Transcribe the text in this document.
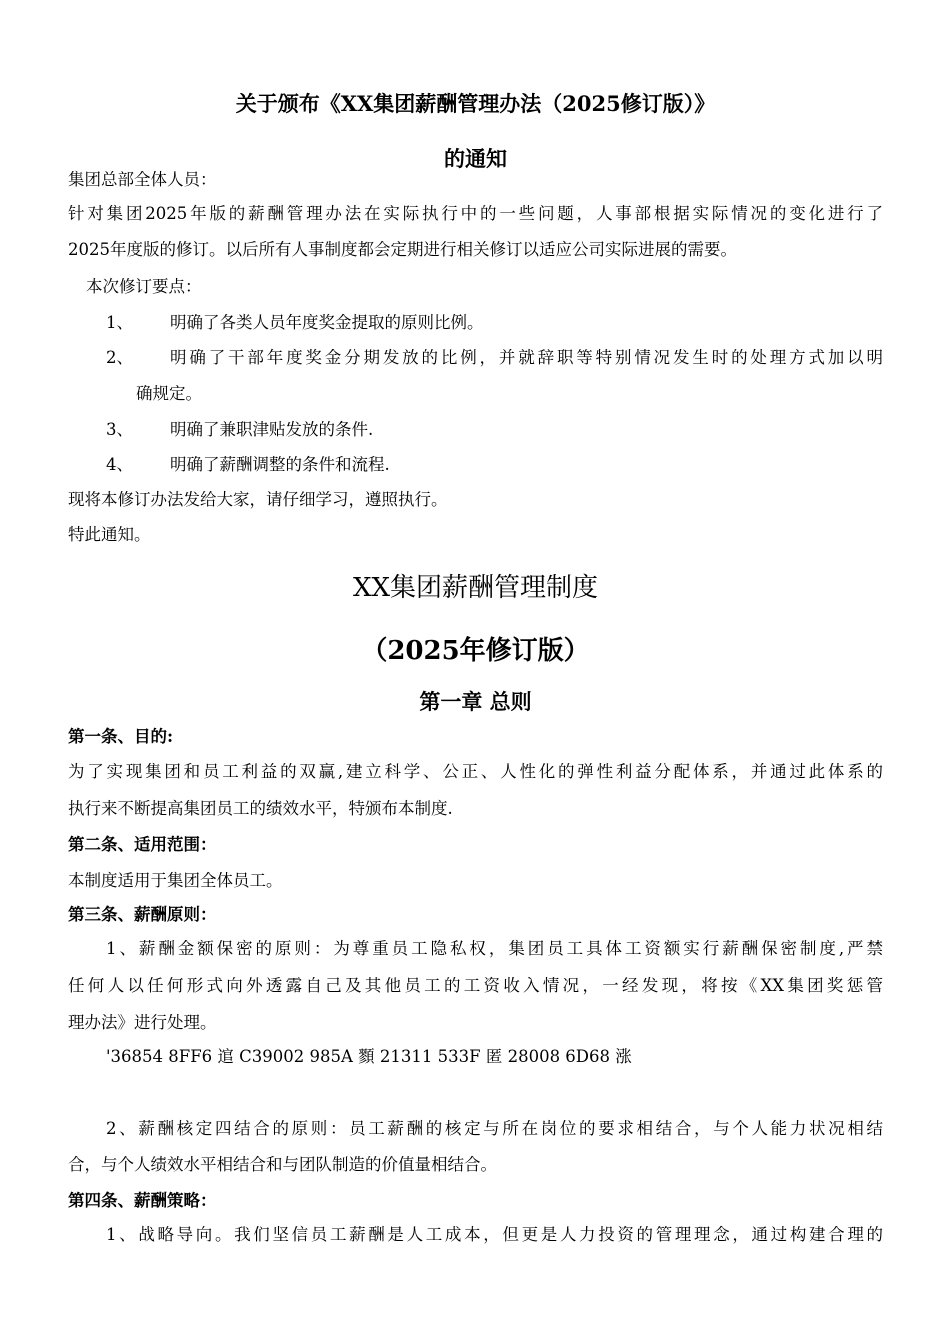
关于颁布《XX集团薪酬管理办法（2025修订版）》
的通知
集团总部全体人员：
针对集团2025年版的薪酬管理办法在实际执行中的一些问题，人事部根据实际情况的变化进行了
2025年度版的修订。以后所有人事制度都会定期进行相关修订以适应公司实际进展的需要。
本次修订要点：
1、 明确了各类人员年度奖金提取的原则比例。
2、 明确了干部年度奖金分期发放的比例，并就辞职等特别情况发生时的处理方式加以明
确规定。
3、 明确了兼职津贴发放的条件.
4、 明确了薪酬调整的条件和流程.
现将本修订办法发给大家，请仔细学习，遵照执行。
特此通知。
XX集团薪酬管理制度
（2025年修订版）
第一章 总则
第一条、目的:
为了实现集团和员工利益的双赢,建立科学、公正、人性化的弹性利益分配体系，并通过此体系的
执行来不断提高集团员工的绩效水平，特颁布本制度.
第二条、适用范围：
本制度适用于集团全体员工。
第三条、薪酬原则：
1、薪酬金额保密的原则：为尊重员工隐私权，集团员工具体工资额实行薪酬保密制度,严禁
任何人以任何形式向外透露自己及其他员工的工资收入情况，一经发现，将按《XX集团奖惩管
理办法》进行处理。
'36854 8FF6 逭 C39002 985A 顟 21311 533F 匿 28008 6D68 涨
2、薪酬核定四结合的原则：员工薪酬的核定与所在岗位的要求相结合，与个人能力状况相结
合，与个人绩效水平相结合和与团队制造的价值量相结合。
第四条、薪酬策略：
1、战略导向。我们坚信员工薪酬是人工成本，但更是人力投资的管理理念，通过构建合理的
